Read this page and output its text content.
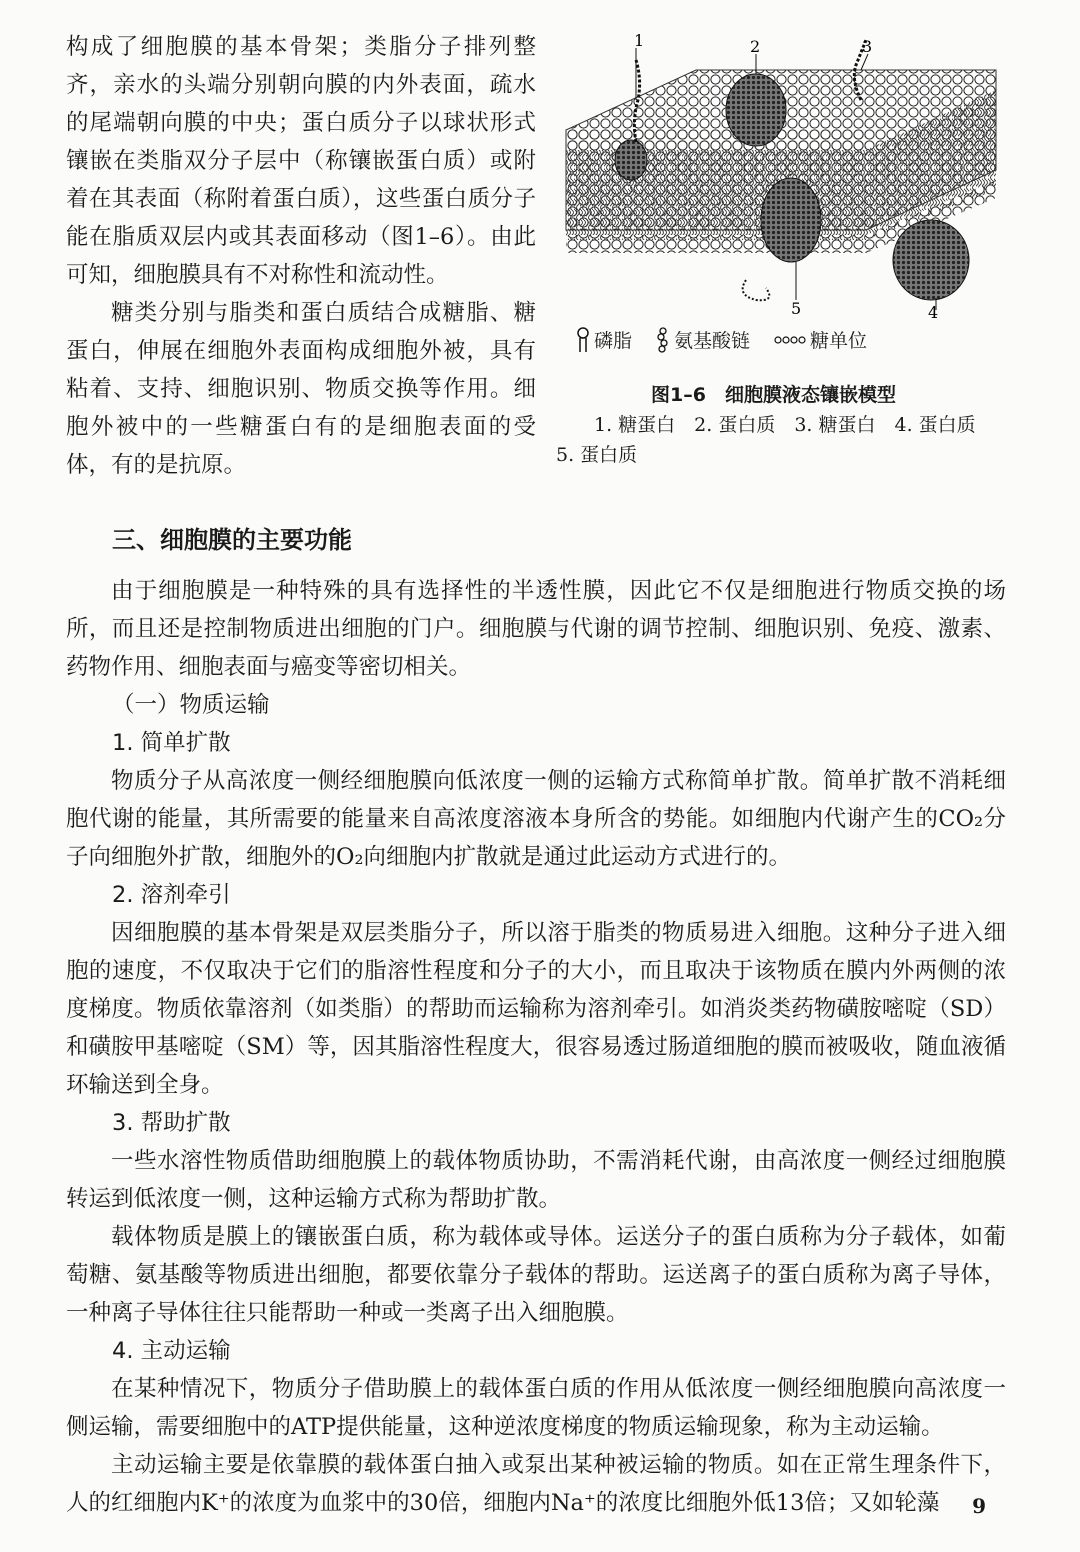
构成了细胞膜的基本骨架；类脂分子排列整齐，亲水的头端分别朝向膜的内外表面，疏水的尾端朝向膜的中央；蛋白质分子以球状形式镶嵌在类脂双分子层中（称镶嵌蛋白质）或附着在其表面（称附着蛋白质），这些蛋白质分子能在脂质双层内或其表面移动（图1–6）。由此可知，细胞膜具有不对称性和流动性。

糖类分别与脂类和蛋白质结合成糖脂、糖蛋白，伸展在细胞外表面构成细胞外被，具有粘着、支持、细胞识别、物质交换等作用。细胞外被中的一些糖蛋白有的是细胞表面的受体，有的是抗原。

1	2	3
4
5
磷脂 氨基酸链	糖单位
图1–6　细胞膜液态镶嵌模型
1. 糖蛋白　2. 蛋白质　3. 糖蛋白　4. 蛋白质　5. 蛋白质
三、细胞膜的主要功能

由于细胞膜是一种特殊的具有选择性的半透性膜，因此它不仅是细胞进行物质交换的场所，而且还是控制物质进出细胞的门户。细胞膜与代谢的调节控制、细胞识别、免疫、激素、药物作用、细胞表面与癌变等密切相关。

（一）物质运输

1. 简单扩散

物质分子从高浓度一侧经细胞膜向低浓度一侧的运输方式称简单扩散。简单扩散不消耗细胞代谢的能量，其所需要的能量来自高浓度溶液本身所含的势能。如细胞内代谢产生的CO₂分子向细胞外扩散，细胞外的O₂向细胞内扩散就是通过此运动方式进行的。

2. 溶剂牵引

因细胞膜的基本骨架是双层类脂分子，所以溶于脂类的物质易进入细胞。这种分子进入细胞的速度，不仅取决于它们的脂溶性程度和分子的大小，而且取决于该物质在膜内外两侧的浓度梯度。物质依靠溶剂（如类脂）的帮助而运输称为溶剂牵引。如消炎类药物磺胺嘧啶（SD）和磺胺甲基嘧啶（SM）等，因其脂溶性程度大，很容易透过肠道细胞的膜而被吸收，随血液循环输送到全身。

3. 帮助扩散

一些水溶性物质借助细胞膜上的载体物质协助，不需消耗代谢，由高浓度一侧经过细胞膜转运到低浓度一侧，这种运输方式称为帮助扩散。

载体物质是膜上的镶嵌蛋白质，称为载体或导体。运送分子的蛋白质称为分子载体，如葡萄糖、氨基酸等物质进出细胞，都要依靠分子载体的帮助。运送离子的蛋白质称为离子导体，一种离子导体往往只能帮助一种或一类离子出入细胞膜。

4. 主动运输

在某种情况下，物质分子借助膜上的载体蛋白质的作用从低浓度一侧经细胞膜向高浓度一侧运输，需要细胞中的ATP提供能量，这种逆浓度梯度的物质运输现象，称为主动运输。

主动运输主要是依靠膜的载体蛋白抽入或泵出某种被运输的物质。如在正常生理条件下，人的红细胞内K⁺的浓度为血浆中的30倍，细胞内Na⁺的浓度比细胞外低13倍；又如轮藻	9
